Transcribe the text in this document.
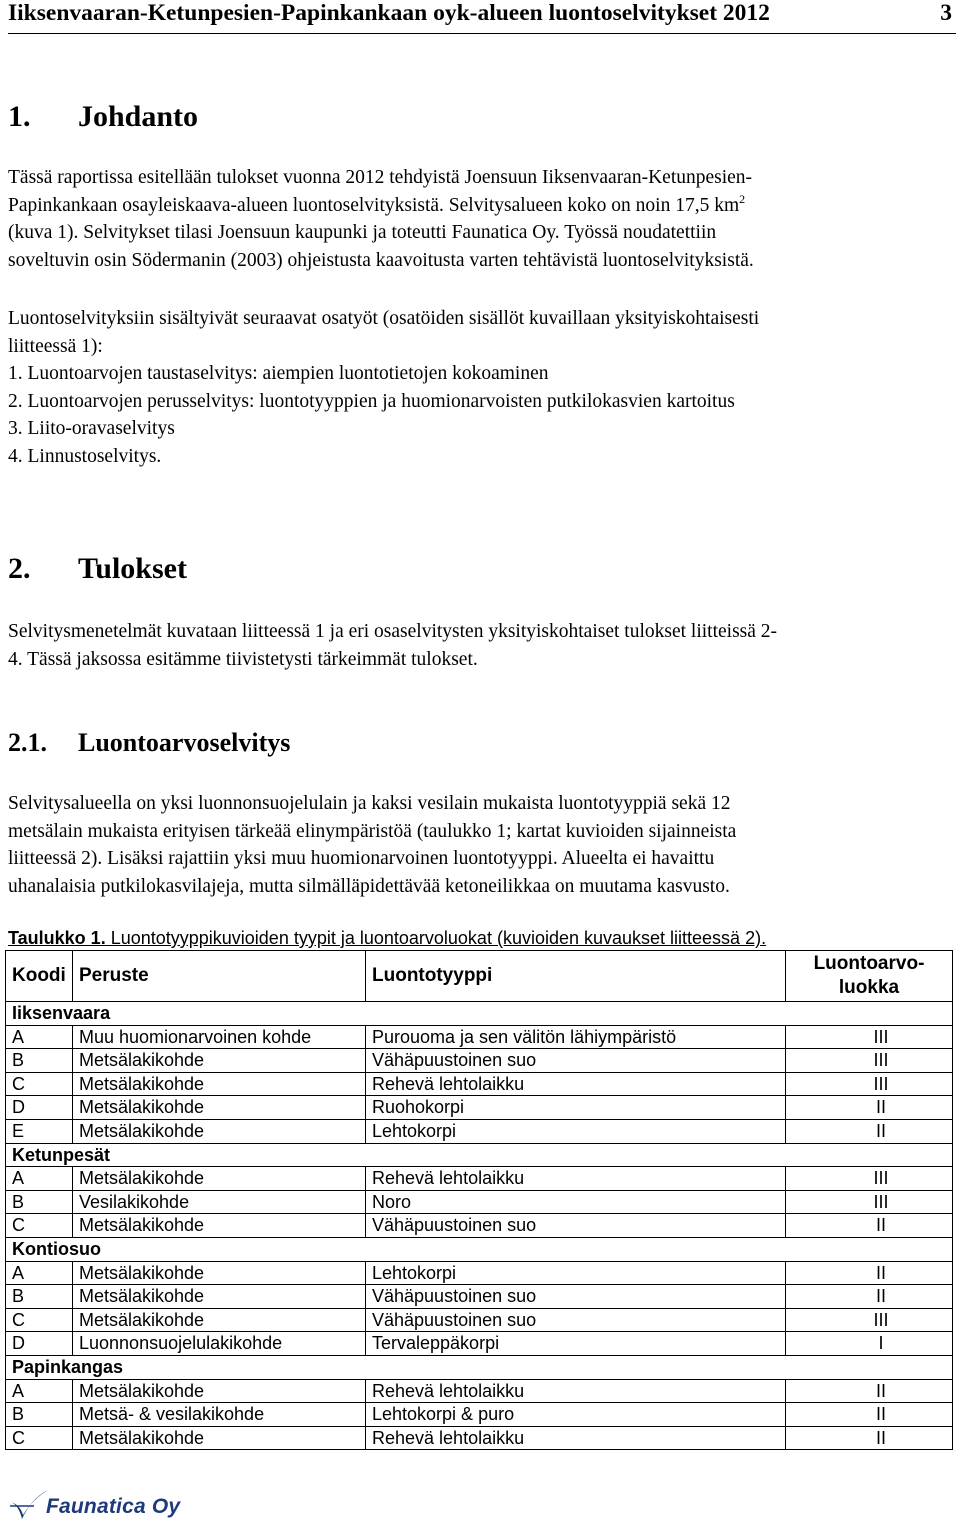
Iiksenvaaran-Ketunpesien-Papinkankaan oyk-alueen luontoselvitykset 2012	3
1. Johdanto
Tässä raportissa esitellään tulokset vuonna 2012 tehdyistä Joensuun Iiksenvaaran-Ketunpesien-
Papinkankaan osayleiskaava-alueen luontoselvityksistä. Selvitysalueen koko on noin 17,5 $km^2$
(kuva 1). Selvitykset tilasi Joensuun kaupunki ja toteutti Faunatica Oy. Työssä noudatettiin
soveltuvin osin Södermanin (2003) ohjeistusta kaavoitusta varten tehtävistä luontoselvityksistä.
Luontoselvityksiin sisältyivät seuraavat osatyöt (osatöiden sisällöt kuvaillaan yksityiskohtaisesti
liitteessä 1):
1. Luontoarvojen taustaselvitys: aiempien luontotietojen kokoaminen
2. Luontoarvojen perusselvitys: luontotyyppien ja huomionarvoisten putkilokasvien kartoitus
3. Liito-oravaselvitys
4. Linnustoselvitys.
2. Tulokset
Selvitysmenetelmät kuvataan liitteessä 1 ja eri osaselvitysten yksityiskohtaiset tulokset liitteissä 2-
4. Tässä jaksossa esitämme tiivistetysti tärkeimmät tulokset.
2.1. Luontoarvoselvitys
Selvitysalueella on yksi luonnonsuojelulain ja kaksi vesilain mukaista luontotyyppiä sekä 12
metsälain mukaista erityisen tärkeää elinympäristöä (taulukko 1; kartat kuvioiden sijainneista
liitteessä 2). Lisäksi rajattiin yksi muu huomionarvoinen luontotyyppi. Alueelta ei havaittu
uhanalaisia putkilokasvilajeja, mutta silmälläpidettävää ketoneilikkaa on muutama kasvusto.
Taulukko 1. Luontotyyppikuvioiden tyypit ja luontoarvoluokat (kuvioiden kuvaukset liitteessä 2).
Koodi	Peruste	Luontotyyppi	Luontoarvo-
luokka
Iiksenvaara			
A	Muu huomionarvoinen kohde	Purouoma ja sen välitön lähiympäristö	III
B	Metsälakikohde	Vähäpuustoinen suo	III
C	Metsälakikohde	Rehevä lehtolaikku	III
D	Metsälakikohde	Ruohokorpi	II
E	Metsälakikohde	Lehtokorpi	II
Ketunpesät			
A	Metsälakikohde	Rehevä lehtolaikku	III
B	Vesilakikohde	Noro	III
C	Metsälakikohde	Vähäpuustoinen suo	II
Kontiosuo			
A	Metsälakikohde	Lehtokorpi	II
B	Metsälakikohde	Vähäpuustoinen suo	II
C	Metsälakikohde	Vähäpuustoinen suo	III
D	Luonnonsuojelulakikohde	Tervaleppäkorpi	I
Papinkangas			
A	Metsälakikohde	Rehevä lehtolaikku	II
B	Metsä- & vesilakikohde	Lehtokorpi & puro	II
C	Metsälakikohde	Rehevä lehtolaikku	II
Faunatica Oy
